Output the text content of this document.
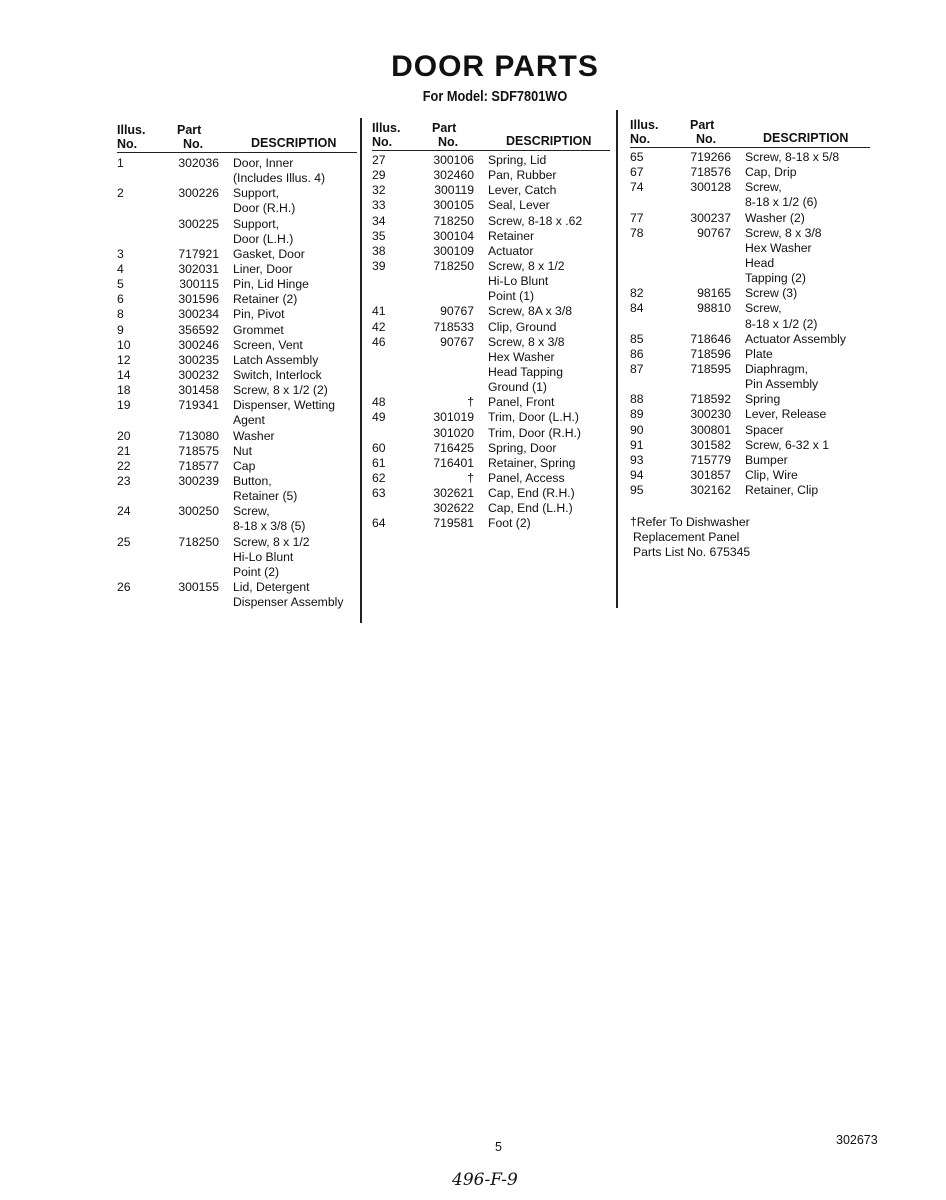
DOOR PARTS
For Model: SDF7801WO
Illus.
No.
Part
No.	DESCRIPTION
1	302036 Door, Inner
(Includes Illus. 4)
2	300226 Support,
Door (R.H.)
300225 Support,
Door (L.H.)
3	717921 Gasket, Door
4	302031 Liner, Door
5	300115 Pin, Lid Hinge
6	301596 Retainer (2)
8	300234 Pin, Pivot
9	356592 Grommet
10	300246 Screen, Vent
12	300235 Latch Assembly
14	300232 Switch, Interlock
18	301458 Screw, 8 x 1/2 (2)
19	719341 Dispenser, Wetting
Agent
20	713080 Washer
21	718575 Nut
22	718577 Cap
23	300239 Button,
Retainer (5)
24	300250 Screw,
8-18 x 3/8 (5)
25	718250 Screw, 8 x 1/2
Hi-Lo Blunt
Point (2)
26	300155 Lid, Detergent
Dispenser Assembly
Illus.
No.
Part
No.	DESCRIPTION
27	300106 Spring, Lid
29	302460 Pan, Rubber
32	300119 Lever, Catch
33	300105 Seal, Lever
34	718250 Screw, 8-18 x .62
35	300104 Retainer
38	300109 Actuator
39	718250 Screw, 8 x 1/2
Hi-Lo Blunt
Point (1)
41	90767 Screw, 8A x 3/8
42	718533 Clip, Ground
46	90767 Screw, 8 x 3/8
Hex Washer
Head Tapping
Ground (1)
48	† Panel, Front
49	301019 Trim, Door (L.H.)
301020 Trim, Door (R.H.)
60	716425 Spring, Door
61	716401 Retainer, Spring
62	† Panel, Access
63	302621 Cap, End (R.H.)
302622 Cap, End (L.H.)
64	719581 Foot (2)
Illus.
No.
Part
No.	DESCRIPTION
65	719266 Screw, 8-18 x 5/8
67	718576 Cap, Drip
74	300128 Screw,
8-18 x 1/2 (6)
77	300237 Washer (2)
78	90767 Screw, 8 x 3/8
Hex Washer
Head
Tapping (2)
82	98165 Screw (3)
84	98810 Screw,
8-18 x 1/2 (2)
85	718646 Actuator Assembly
86	718596 Plate
87	718595 Diaphragm,
Pin Assembly
88	718592 Spring
89	300230 Lever, Release
90	300801 Spacer
91	301582 Screw, 6-32 x 1
93	715779 Bumper
94	301857 Clip, Wire
95	302162 Retainer, Clip
†Refer To Dishwasher
Replacement Panel
Parts List No. 675345
5	302673
496-F-9
